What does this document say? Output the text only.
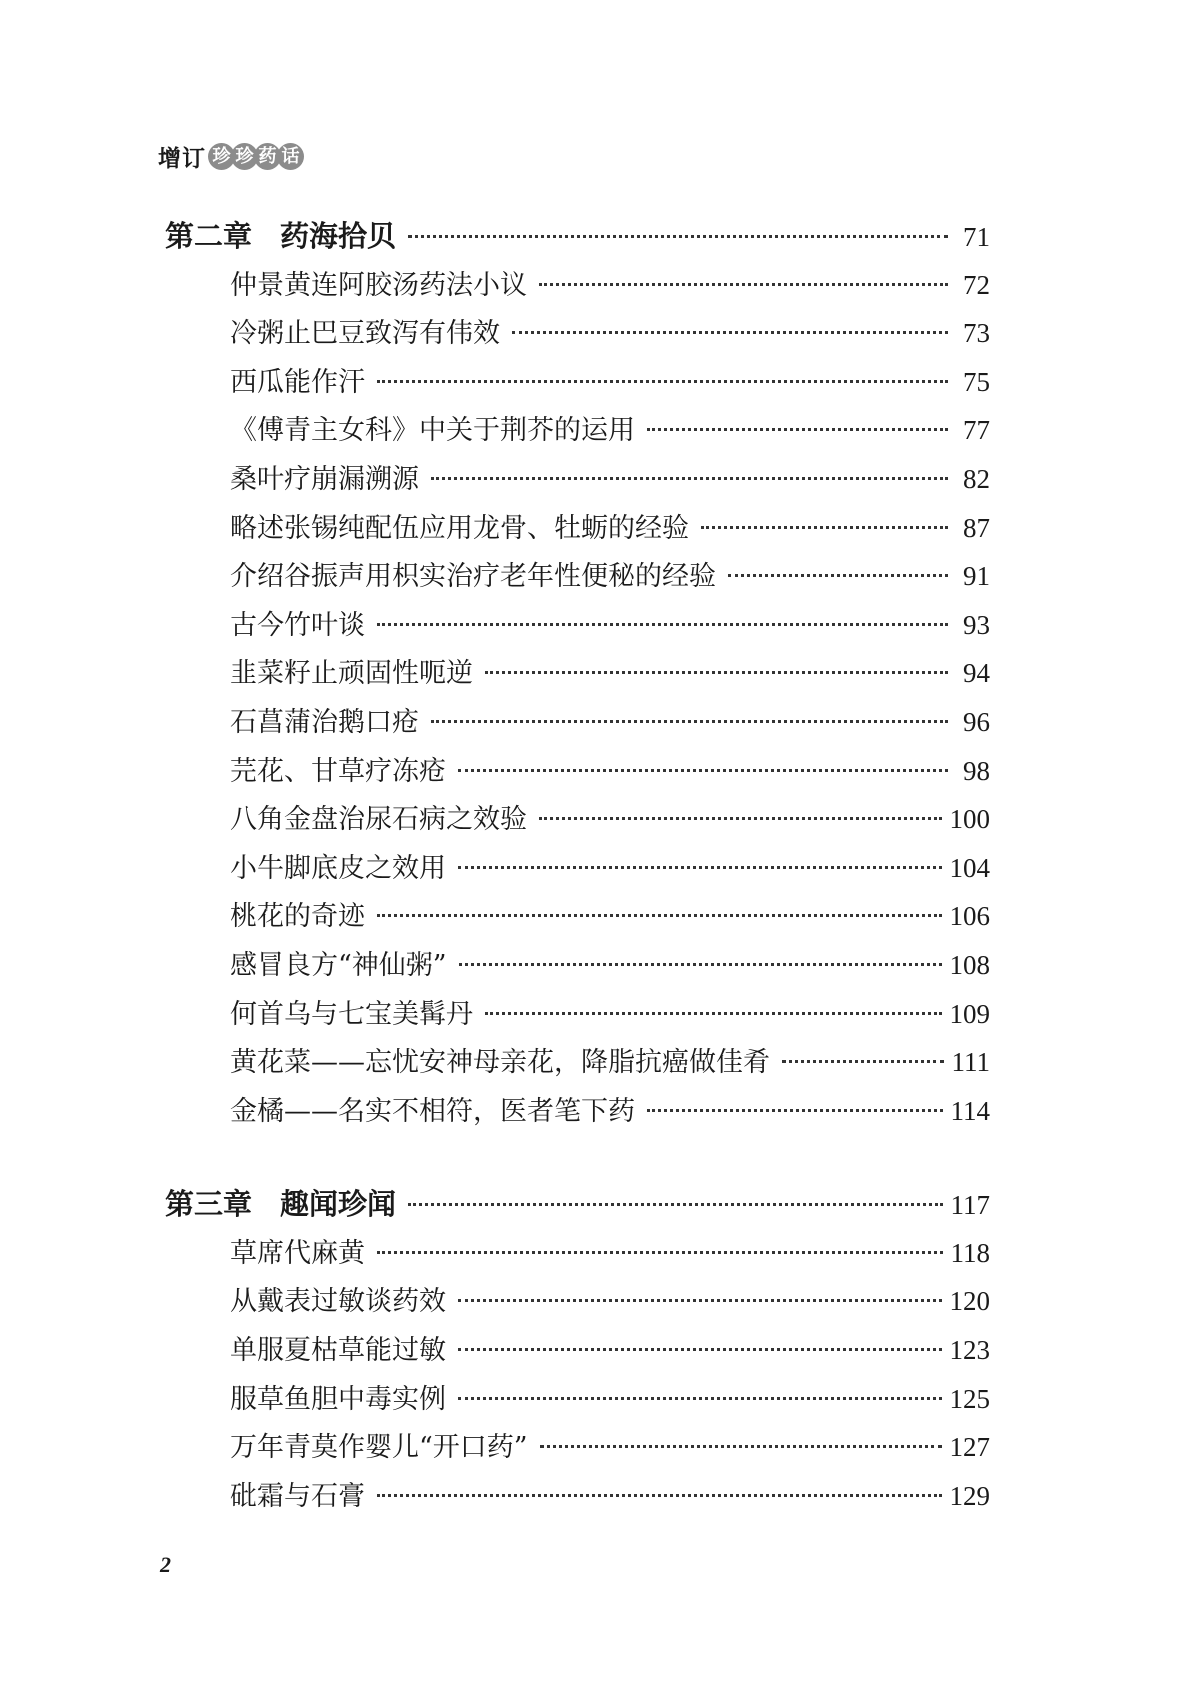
增订 珍 珍 药 话
第二章 药海拾贝	71
仲景黄连阿胶汤药法小议	72
冷粥止巴豆致泻有伟效	73
西瓜能作汗	75
《傅青主女科》中关于荆芥的运用	77
桑叶疗崩漏溯源	82
略述张锡纯配伍应用龙骨、牡蛎的经验	87
介绍谷振声用枳实治疗老年性便秘的经验	91
古今竹叶谈	93
韭菜籽止顽固性呃逆	94
石菖蒲治鹅口疮	96
芫花、甘草疗冻疮	98
八角金盘治尿石病之效验	100
小牛脚底皮之效用	104
桃花的奇迹	106
感冒良方“神仙粥”	108
何首乌与七宝美髯丹	109
黄花菜——忘忧安神母亲花，降脂抗癌做佳肴	111
金橘——名实不相符，医者笔下药	114
第三章 趣闻珍闻	117
草席代麻黄	118
从戴表过敏谈药效	120
单服夏枯草能过敏	123
服草鱼胆中毒实例	125
万年青莫作婴儿“开口药”	127
砒霜与石膏	129
2
